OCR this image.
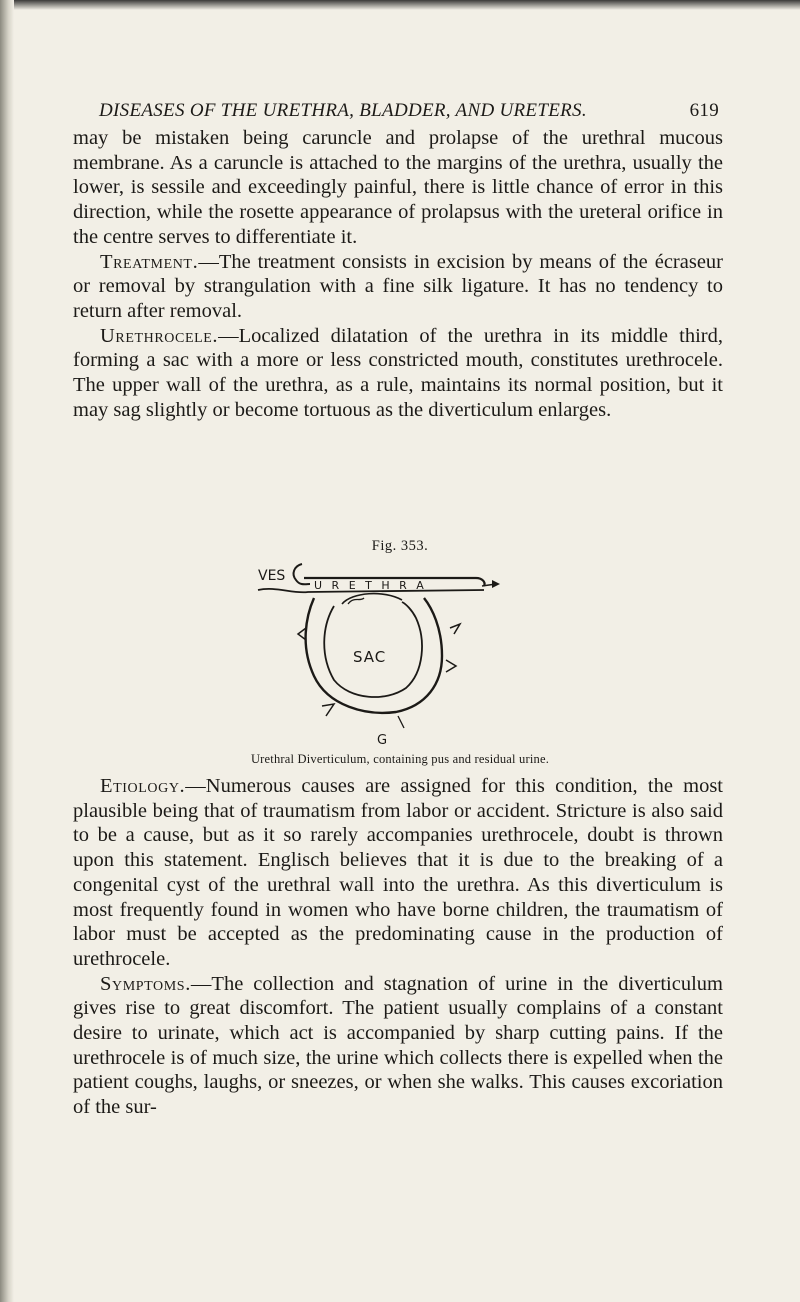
DISEASES OF THE URETHRA, BLADDER, AND URETERS.	619

may be mistaken being caruncle and prolapse of the urethral mucous membrane. As a caruncle is attached to the margins of the urethra, usually the lower, is sessile and exceedingly painful, there is little chance of error in this direction, while the rosette appearance of prolapsus with the ureteral orifice in the centre serves to differentiate it.

Treatment.—The treatment consists in excision by means of the écraseur or removal by strangulation with a fine silk ligature. It has no tendency to return after removal.

Urethrocele.—Localized dilatation of the urethra in its middle third, forming a sac with a more or less constricted mouth, constitutes urethrocele. The upper wall of the urethra, as a rule, maintains its normal position, but it may sag slightly or become tortuous as the diverticulum enlarges.

Fig. 353.
VES
U R E T H R A
SAC
G
Urethral Diverticulum, containing pus and residual urine.

Etiology.—Numerous causes are assigned for this condition, the most plausible being that of traumatism from labor or accident. Stricture is also said to be a cause, but as it so rarely accompanies urethrocele, doubt is thrown upon this statement. Englisch believes that it is due to the breaking of a congenital cyst of the urethral wall into the urethra. As this diverticulum is most frequently found in women who have borne children, the traumatism of labor must be accepted as the predominating cause in the production of urethrocele.

Symptoms.—The collection and stagnation of urine in the diverticulum gives rise to great discomfort. The patient usually complains of a constant desire to urinate, which act is accompanied by sharp cutting pains. If the urethrocele is of much size, the urine which collects there is expelled when the patient coughs, laughs, or sneezes, or when she walks. This causes excoriation of the sur-
